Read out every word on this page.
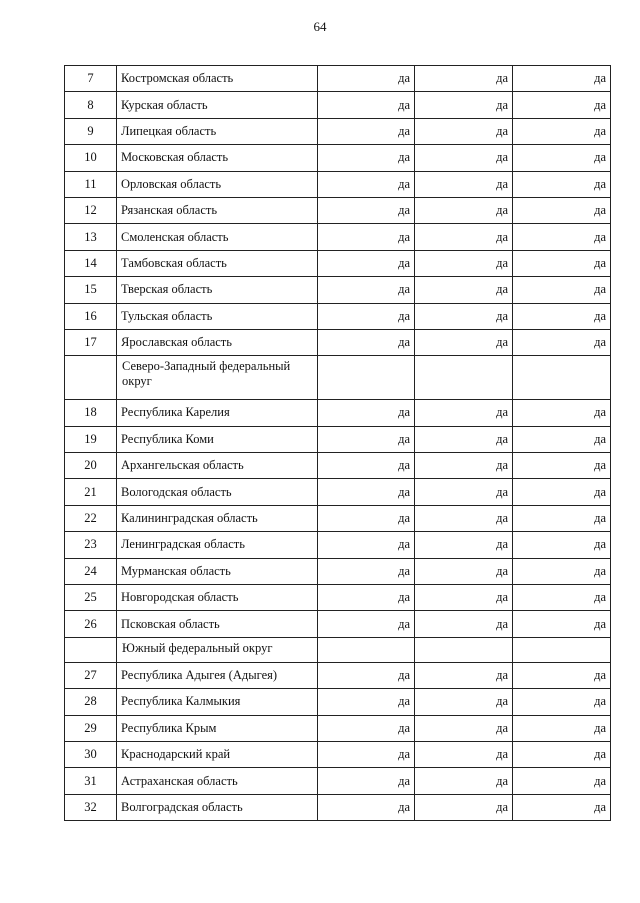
64
7	Костромская область	да	да	да
8	Курская область	да	да	да
9	Липецкая область	да	да	да
10	Московская область	да	да	да
11	Орловская область	да	да	да
12	Рязанская область	да	да	да
13	Смоленская область	да	да	да
14	Тамбовская область	да	да	да
15	Тверская область	да	да	да
16	Тульская область	да	да	да
17	Ярославская область	да	да	да
	Северо-Западный федеральный округ			
18	Республика Карелия	да	да	да
19	Республика Коми	да	да	да
20	Архангельская область	да	да	да
21	Вологодская область	да	да	да
22	Калининградская область	да	да	да
23	Ленинградская область	да	да	да
24	Мурманская область	да	да	да
25	Новгородская область	да	да	да
26	Псковская область	да	да	да
	Южный федеральный округ			
27	Республика Адыгея (Адыгея)	да	да	да
28	Республика Калмыкия	да	да	да
29	Республика Крым	да	да	да
30	Краснодарский край	да	да	да
31	Астраханская область	да	да	да
32	Волгоградская область	да	да	да
